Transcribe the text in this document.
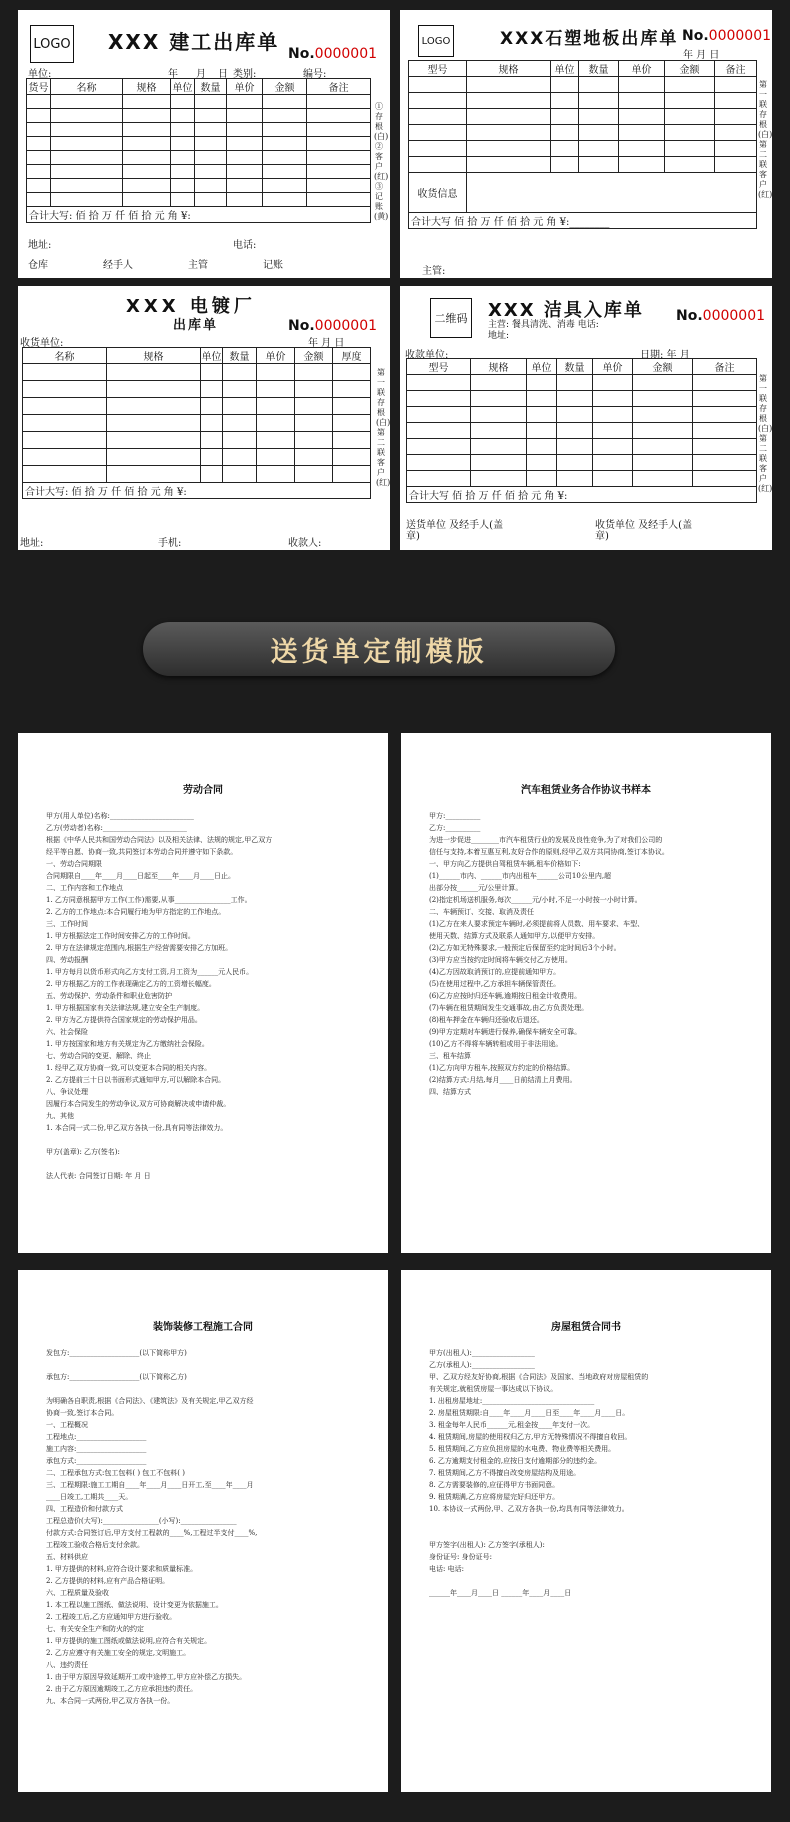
LOGO XXX 建工出库单 No.0000001
单位:	年 月 日 类别:	编号:
货号	名称	规格	单位	数量	单价	金额	备注

合计大写: 佰 拾 万 仟 佰 拾 元 角 ¥:							
地址:	电话:
仓库	经手人	主管	记账
①存根(白)②客户(红)③记账(黄)
LOGO	XXX石塑地板出库单 No.0000001
年 月 日
型号	规格	单位	数量	单价	金额	备注

收货信息						
合计大写 佰 拾 万 仟 佰 拾 元 角 ¥:________						
主管:
第一联存根(白)第二联客户(红)
XXX 电镀厂
出库单	No.0000001
年 月 日
收货单位:
名称	规格	单位	数量	单价	金额	厚度

合计大写: 佰 拾 万 仟 佰 拾 元 角 ¥:						
地址:	手机:	收款人:
第一联存根(白)第二联客户(红)
二维码 XXX 洁具入库单 No.0000001
主营: 餐具清洗、消毒 电话:
地址:
收款单位:	日期: 年 月
型号	规格	单位	数量	单价	金额	备注

合计大写 佰 拾 万 仟 佰 拾 元 角 ¥:						
送货单位 及经手人(盖章)
收货单位 及经手人(盖章)
第一联存根(白)第二联客户(红)
送货单定制模版
劳动合同
甲方(用人单位)名称:________________________
乙方(劳动者)名称:________________________
根据《中华人民共和国劳动合同法》以及相关法律、法规的规定,甲乙双方
经平等自愿、协商一致,共同签订本劳动合同并遵守如下条款。
一、劳动合同期限
合同期限自____年____月____日起至____年____月____日止。
二、工作内容和工作地点
1. 乙方同意根据甲方工作(工作)需要,从事________________工作。
2. 乙方的工作地点:本合同履行地为甲方指定的工作地点。
三、工作时间
1. 甲方根据法定工作时间安排乙方的工作时间。
2. 甲方在法律规定范围内,根据生产经营需要安排乙方加班。
四、劳动报酬
1. 甲方每月以货币形式向乙方支付工资,月工资为______元人民币。
2. 甲方根据乙方的工作表现确定乙方的工资增长幅度。
五、劳动保护、劳动条件和职业危害防护
1. 甲方根据国家有关法律法规,建立安全生产制度。
2. 甲方为乙方提供符合国家规定的劳动保护用品。
六、社会保险
1. 甲方按国家和地方有关规定为乙方缴纳社会保险。
七、劳动合同的变更、解除、终止
1. 经甲乙双方协商一致,可以变更本合同的相关内容。
2. 乙方提前三十日以书面形式通知甲方,可以解除本合同。
八、争议处理
因履行本合同发生的劳动争议,双方可协商解决或申请仲裁。
九、其他
1. 本合同一式二份,甲乙双方各执一份,具有同等法律效力。
甲方(盖章): 乙方(签名):
法人代表: 合同签订日期: 年 月 日
汽车租赁业务合作协议书样本
甲方:__________
乙方:__________
为进一步促进________市汽车租赁行业的发展及良性竞争,为了对我们公司的
信任与支持,本着互惠互利,友好合作的原则,经甲乙双方共同协商,签订本协议。
一、甲方向乙方提供自驾租赁车辆,租车价格如下:
(1)______市内、______市内出租车______公司10公里内,超
出部分按______元/公里计算。
(2)指定机场送机服务,每次______元/小时,不足一小时按一小时计算。
二、车辆预订、交接、取消及责任
(1)乙方在来人要求预定车辆时,必须提前将人员数、用车要求、车型、
使用天数、结算方式及联系人通知甲方,以便甲方安排。
(2)乙方如无特殊要求,一般预定后保留至约定时间后3个小时。
(3)甲方应当按约定时间将车辆交付乙方使用。
(4)乙方因故取消预订的,应提前通知甲方。
(5)在使用过程中,乙方承担车辆保管责任。
(6)乙方应按时归还车辆,逾期按日租金计收费用。
(7)车辆在租赁期间发生交通事故,由乙方负责处理。
(8)租车押金在车辆归还验收后退还。
(9)甲方定期对车辆进行保养,确保车辆安全可靠。
(10)乙方不得将车辆转租或用于非法用途。
三、租车结算
(1)乙方向甲方租车,按照双方约定的价格结算。
(2)结算方式:月结,每月____日前结清上月费用。
四、结算方式
装饰装修工程施工合同
发包方:____________________(以下简称甲方)
承包方:____________________(以下简称乙方)
为明确各自职责,根据《合同法》、《建筑法》及有关规定,甲乙双方经
协商一致,签订本合同。
一、工程概况
工程地点:____________________
施工内容:____________________
承包方式:____________________
二、工程承包方式:包工包料( ) 包工不包料( )
三、工程期限:施工工期自____年____月____日开工,至____年____月
____日竣工,工期共____天。
四、工程造价和付款方式
工程总造价(大写):________________(小写):________________
付款方式:合同签订后,甲方支付工程款的____%,工程过半支付____%,
工程竣工验收合格后支付余款。
五、材料供应
1. 甲方提供的材料,应符合设计要求和质量标准。
2. 乙方提供的材料,应有产品合格证明。
六、工程质量及验收
1. 本工程以施工图纸、做法说明、设计变更为依据施工。
2. 工程竣工后,乙方应通知甲方进行验收。
七、有关安全生产和防火的约定
1. 甲方提供的施工图纸或做法说明,应符合有关规定。
2. 乙方应遵守有关施工安全的规定,文明施工。
八、违约责任
1. 由于甲方原因导致延期开工或中途停工,甲方应补偿乙方损失。
2. 由于乙方原因逾期竣工,乙方应承担违约责任。
九、本合同一式两份,甲乙双方各执一份。
房屋租赁合同书
甲方(出租人):__________________
乙方(承租人):__________________
甲、乙双方经友好协商,根据《合同法》及国家、当地政府对房屋租赁的
有关规定,就租赁房屋一事达成以下协议。
1. 出租房屋地址:________________________________
2. 房屋租赁期限:自____年____月____日至____年____月____日。
3. 租金每年人民币______元,租金按____年支付一次。
4. 租赁期间,房屋的使用权归乙方,甲方无特殊情况不得擅自收回。
5. 租赁期间,乙方应负担房屋的水电费、物业费等相关费用。
6. 乙方逾期支付租金的,应按日支付逾期部分的违约金。
7. 租赁期间,乙方不得擅自改变房屋结构及用途。
8. 乙方需要装修的,应征得甲方书面同意。
9. 租赁期满,乙方应将房屋完好归还甲方。
10. 本协议一式两份,甲、乙双方各执一份,均具有同等法律效力。
甲方签字(出租人): 乙方签字(承租人):
身份证号: 身份证号:
电话: 电话:
______年____月____日 ______年____月____日
